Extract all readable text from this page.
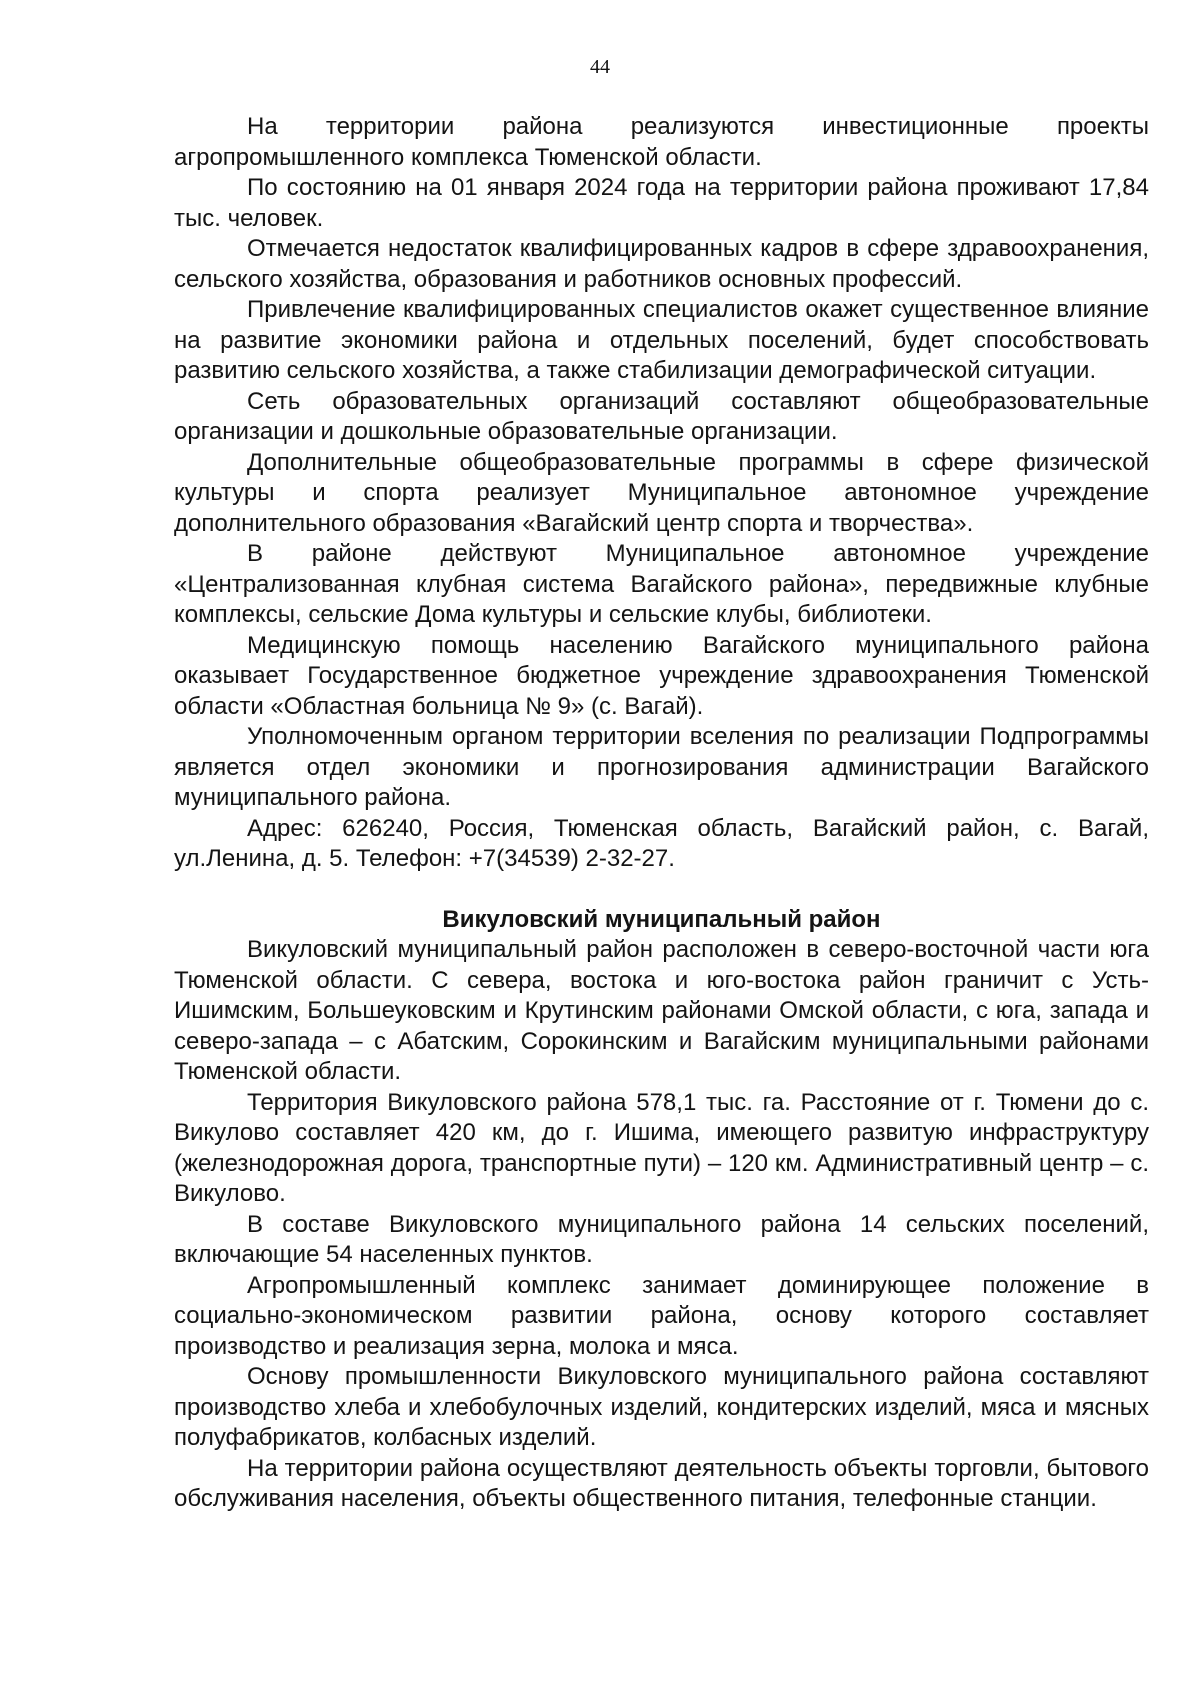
44

На территории района реализуются инвестиционные проекты агропромышленного комплекса Тюменской области.

По состоянию на 01 января 2024 года на территории района проживают 17,84 тыс. человек.

Отмечается недостаток квалифицированных кадров в сфере здравоохранения, сельского хозяйства, образования и работников основных профессий.

Привлечение квалифицированных специалистов окажет существенное влияние на развитие экономики района и отдельных поселений, будет способствовать развитию сельского хозяйства, а также стабилизации демографической ситуации.

Сеть образовательных организаций составляют общеобразовательные организации и дошкольные образовательные организации.

Дополнительные общеобразовательные программы в сфере физической культуры и спорта реализует Муниципальное автономное учреждение дополнительного образования «Вагайский центр спорта и творчества».

В районе действуют Муниципальное автономное учреждение «Централизованная клубная система Вагайского района», передвижные клубные комплексы, сельские Дома культуры и сельские клубы, библиотеки.

Медицинскую помощь населению Вагайского муниципального района оказывает Государственное бюджетное учреждение здравоохранения Тюменской области «Областная больница № 9» (с. Вагай).

Уполномоченным органом территории вселения по реализации Подпрограммы является отдел экономики и прогнозирования администрации Вагайского муниципального района.

Адрес: 626240, Россия, Тюменская область, Вагайский район, с. Вагай, ул.Ленина, д. 5. Телефон: +7(34539) 2-32-27.

Викуловский муниципальный район

Викуловский муниципальный район расположен в северо-восточной части юга Тюменской области. С севера, востока и юго-востока район граничит с Усть-Ишимским, Большеуковским и Крутинским районами Омской области, с юга, запада и северо-запада – с Абатским, Сорокинским и Вагайским муниципальными районами Тюменской области.

Территория Викуловского района 578,1 тыс. га. Расстояние от г. Тюмени до с. Викулово составляет 420 км, до г. Ишима, имеющего развитую инфраструктуру (железнодорожная дорога, транспортные пути) – 120 км. Административный центр – с. Викулово.

В составе Викуловского муниципального района 14 сельских поселений, включающие 54 населенных пунктов.

Агропромышленный комплекс занимает доминирующее положение в социально-экономическом развитии района, основу которого составляет производство и реализация зерна, молока и мяса.

Основу промышленности Викуловского муниципального района составляют производство хлеба и хлебобулочных изделий, кондитерских изделий, мяса и мясных полуфабрикатов, колбасных изделий.

На территории района осуществляют деятельность объекты торговли, бытового обслуживания населения, объекты общественного питания, телефонные станции.
